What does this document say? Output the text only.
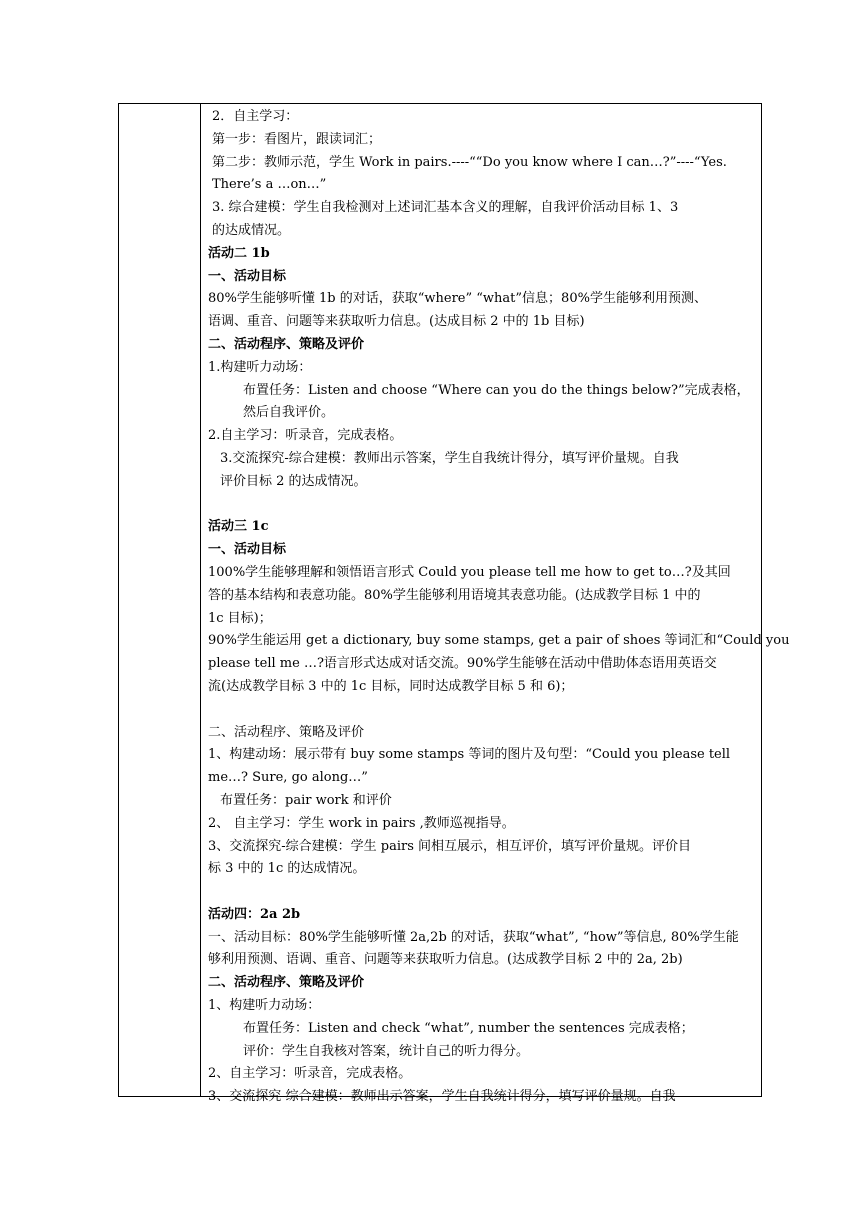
2．自主学习：
第一步：看图片，跟读词汇；
第二步：教师示范，学生 Work in pairs.----““Do you know where I can…?”----“Yes.
There’s a …on…”
3. 综合建模：学生自我检测对上述词汇基本含义的理解，自我评价活动目标 1、3
的达成情况。
活动二 1b
一、活动目标
80%学生能够听懂 1b 的对话，获取“where” “what”信息；80%学生能够利用预测、
语调、重音、问题等来获取听力信息。(达成目标 2 中的 1b 目标)
二、活动程序、策略及评价
1.构建听力动场：
布置任务：Listen and choose “Where can you do the things below?”完成表格，
然后自我评价。
2.自主学习：听录音，完成表格。
3.交流探究-综合建模：教师出示答案，学生自我统计得分，填写评价量规。自我
评价目标 2 的达成情况。
活动三 1c
一、活动目标
100%学生能够理解和领悟语言形式 Could you please tell me how to get to…?及其回
答的基本结构和表意功能。80%学生能够利用语境其表意功能。(达成教学目标 1 中的
1c 目标)；
90%学生能运用 get a dictionary, buy some stamps, get a pair of shoes 等词汇和“Could you
please tell me …?语言形式达成对话交流。90%学生能够在活动中借助体态语用英语交
流(达成教学目标 3 中的 1c 目标，同时达成教学目标 5 和 6)；
二、活动程序、策略及评价
1、构建动场：展示带有 buy some stamps 等词的图片及句型：“Could you please tell
me…? Sure, go along…”
布置任务：pair work 和评价
2、 自主学习：学生 work in pairs ,教师巡视指导。
3、交流探究-综合建模：学生 pairs 间相互展示，相互评价，填写评价量规。评价目
标 3 中的 1c 的达成情况。
活动四：2a 2b
一、活动目标：80%学生能够听懂 2a,2b 的对话，获取“what”, “how”等信息, 80%学生能
够利用预测、语调、重音、问题等来获取听力信息。(达成教学目标 2 中的 2a, 2b)
二、活动程序、策略及评价
1、构建听力动场：
布置任务：Listen and check “what”, number the sentences 完成表格；
评价：学生自我核对答案，统计自己的听力得分。
2、自主学习：听录音，完成表格。
3、交流探究-综合建模：教师出示答案，学生自我统计得分，填写评价量规。自我
